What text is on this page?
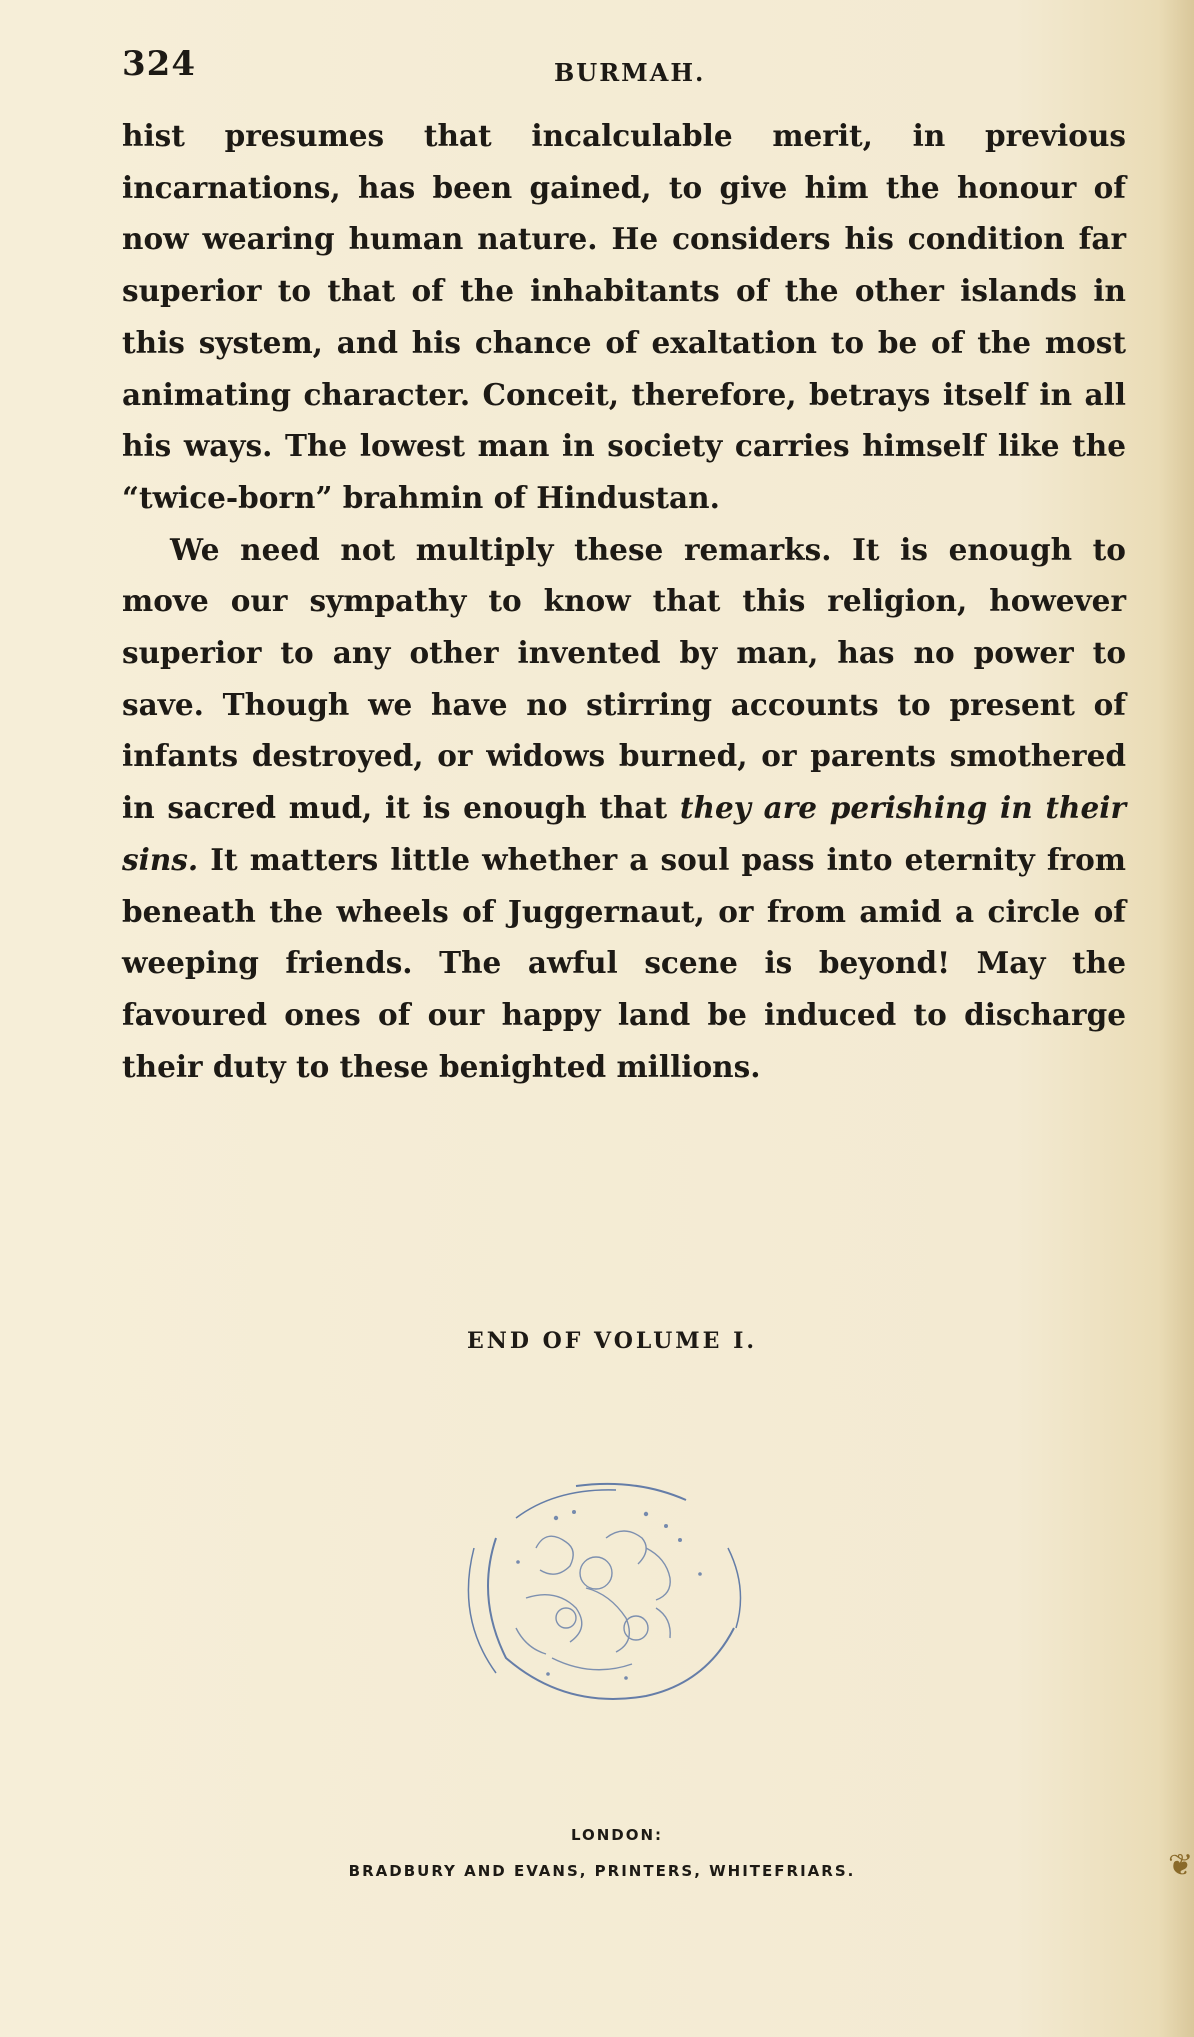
324	BURMAH.

hist presumes that incalculable merit, in previous incarnations, has been gained, to give him the honour of now wearing human nature. He considers his condition far superior to that of the inhabitants of the other islands in this system, and his chance of exaltation to be of the most animating character. Conceit, therefore, betrays itself in all his ways. The lowest man in society carries himself like the “twice-born” brahmin of Hindustan.

We need not multiply these remarks. It is enough to move our sympathy to know that this religion, however superior to any other invented by man, has no power to save. Though we have no stirring accounts to present of infants destroyed, or widows burned, or parents smothered in sacred mud, it is enough that they are perishing in their sins. It matters little whether a soul pass into eternity from beneath the wheels of Juggernaut, or from amid a circle of weeping friends. The awful scene is beyond! May the favoured ones of our happy land be induced to discharge their duty to these benighted millions.

END OF VOLUME I.
LONDON:
BRADBURY AND EVANS, PRINTERS, WHITEFRIARS.	❦
